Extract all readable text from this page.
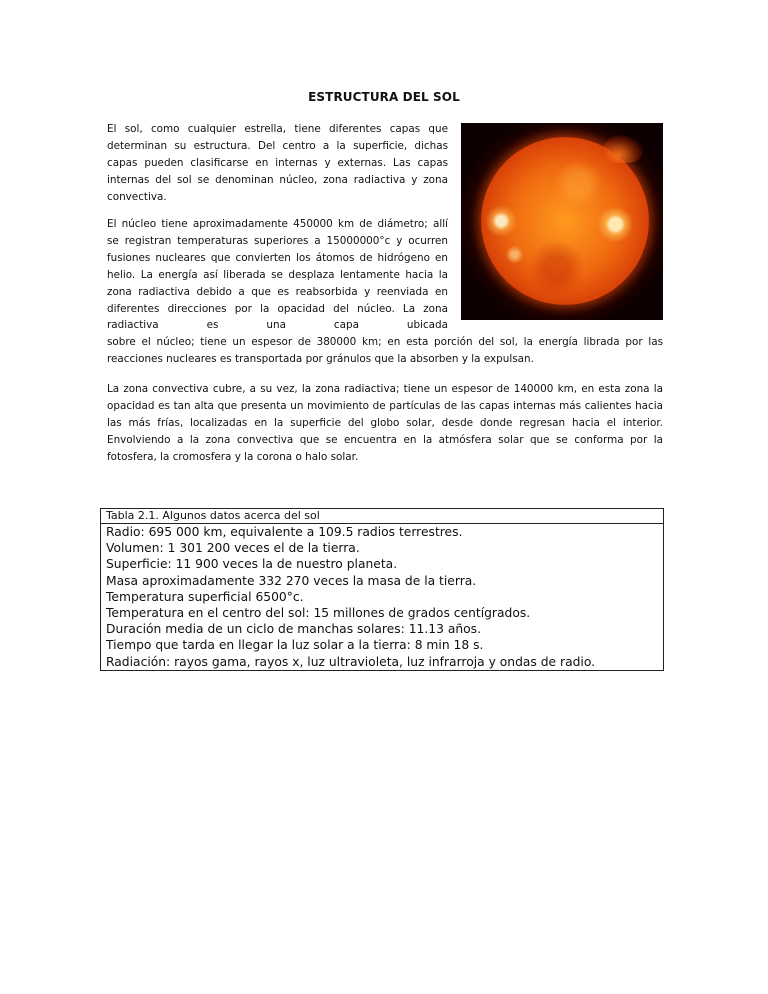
ESTRUCTURA DEL SOL

El sol, como cualquier estrella, tiene diferentes capas que determinan su estructura. Del centro a la superficie, dichas capas pueden clasificarse en internas y externas. Las capas internas del sol se denominan núcleo, zona radiactiva y zona convectiva.

El núcleo tiene aproximadamente 450000 km de diámetro; allí se registran temperaturas superiores a 15000000°c y ocurren fusiones nucleares que convierten los átomos de hidrógeno en helio. La energía así liberada se desplaza lentamente hacia la zona radiactiva debido a que es reabsorbida y reenviada en diferentes direcciones por la opacidad del núcleo. La zona radiactiva es una capa ubicada

sobre el núcleo; tiene un espesor de 380000 km; en esta porción del sol, la energía librada por las reacciones nucleares es transportada por gránulos que la absorben y la expulsan.

La zona convectiva cubre, a su vez, la zona radiactiva; tiene un espesor de 140000 km, en esta zona la opacidad es tan alta que presenta un movimiento de partículas de las capas internas más calientes hacia las más frías, localizadas en la superficie del globo solar, desde donde regresan hacia el interior. Envolviendo a la zona convectiva que se encuentra en la atmósfera solar que se conforma por la fotosfera, la cromosfera y la corona o halo solar.

Tabla 2.1. Algunos datos acerca del sol

Radio: 695 000 km, equivalente a 109.5 radios terrestres.
Volumen: 1 301 200 veces el de la tierra.
Superficie: 11 900 veces la de nuestro planeta.
Masa aproximadamente 332 270 veces la masa de la tierra.
Temperatura superficial 6500°c.
Temperatura en el centro del sol: 15 millones de grados centígrados.
Duración media de un ciclo de manchas solares: 11.13 años.
Tiempo que tarda en llegar la luz solar a la tierra: 8 min 18 s.
Radiación: rayos gama, rayos x, luz ultravioleta, luz infrarroja y ondas de radio.
